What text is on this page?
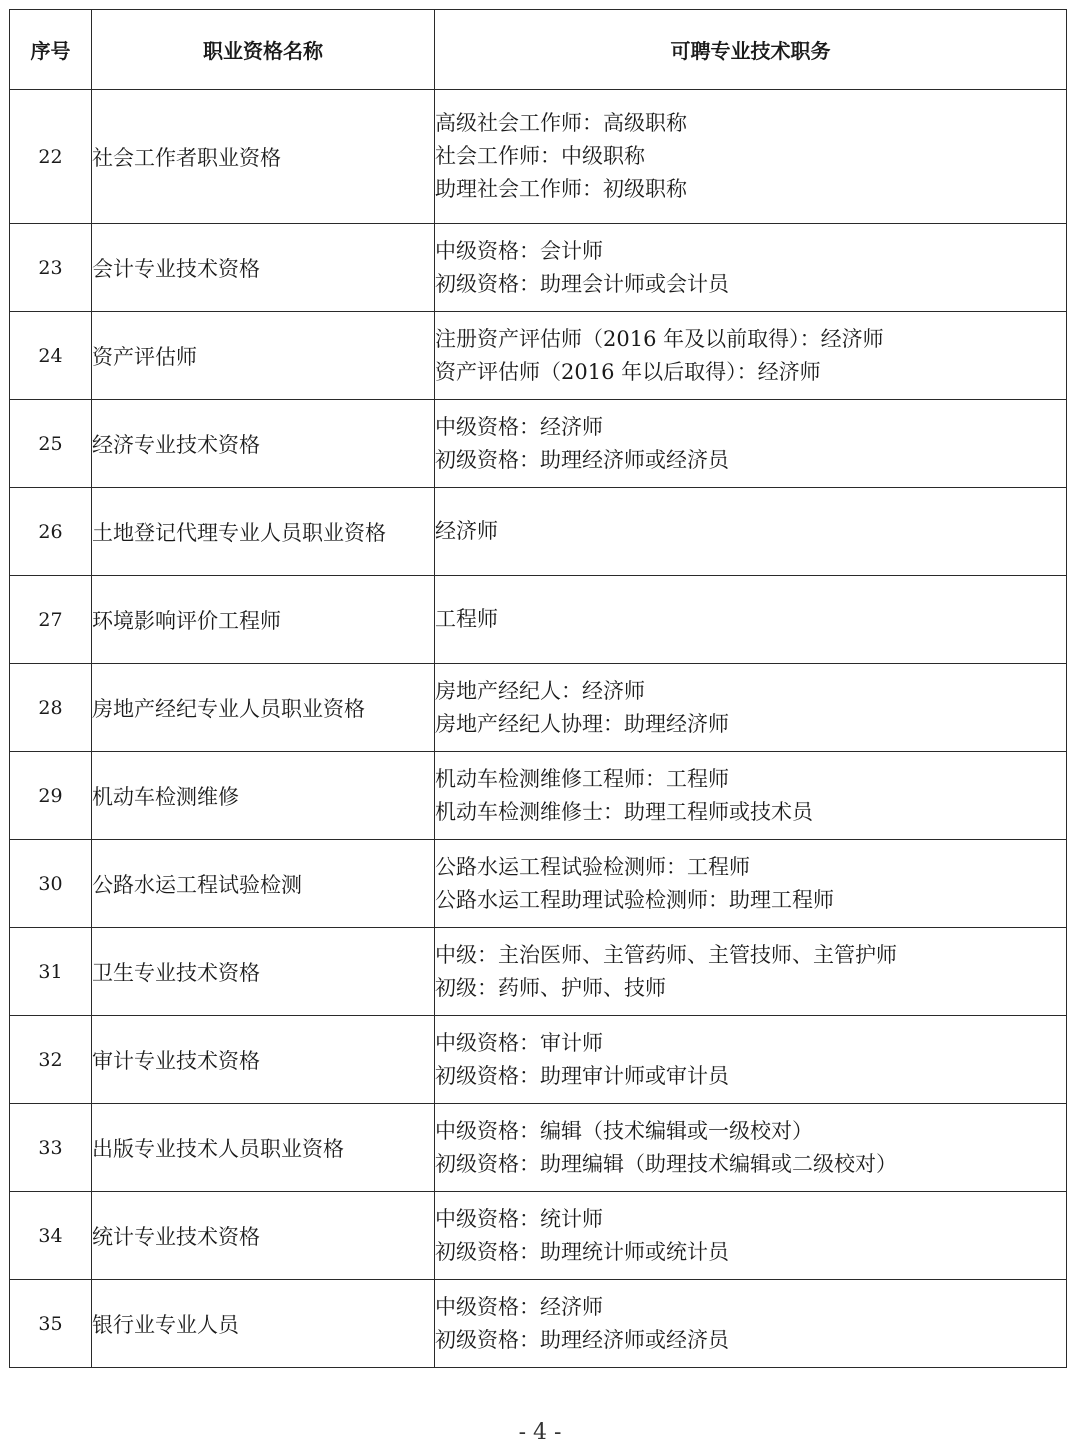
序号	职业资格名称	可聘专业技术职务
22	社会工作者职业资格	高级社会工作师：高级职称
社会工作师：中级职称
助理社会工作师：初级职称

23	会计专业技术资格	中级资格：会计师
初级资格：助理会计师或会计员

24	资产评估师	注册资产评估师（2016 年及以前取得）：经济师
资产评估师（2016 年以后取得）：经济师

25	经济专业技术资格	中级资格：经济师
初级资格：助理经济师或经济员

26	土地登记代理专业人员职业资格	经济师

27	环境影响评价工程师	工程师

28	房地产经纪专业人员职业资格	房地产经纪人：经济师
房地产经纪人协理：助理经济师

29	机动车检测维修	机动车检测维修工程师：工程师
机动车检测维修士：助理工程师或技术员

30	公路水运工程试验检测	公路水运工程试验检测师：工程师
公路水运工程助理试验检测师：助理工程师

31	卫生专业技术资格	中级：主治医师、主管药师、主管技师、主管护师
初级：药师、护师、技师

32	审计专业技术资格	中级资格：审计师
初级资格：助理审计师或审计员

33	出版专业技术人员职业资格	中级资格：编辑（技术编辑或一级校对）
初级资格：助理编辑（助理技术编辑或二级校对）

34	统计专业技术资格	中级资格：统计师
初级资格：助理统计师或统计员

35	银行业专业人员	中级资格：经济师
初级资格：助理经济师或经济员
- 4 -
